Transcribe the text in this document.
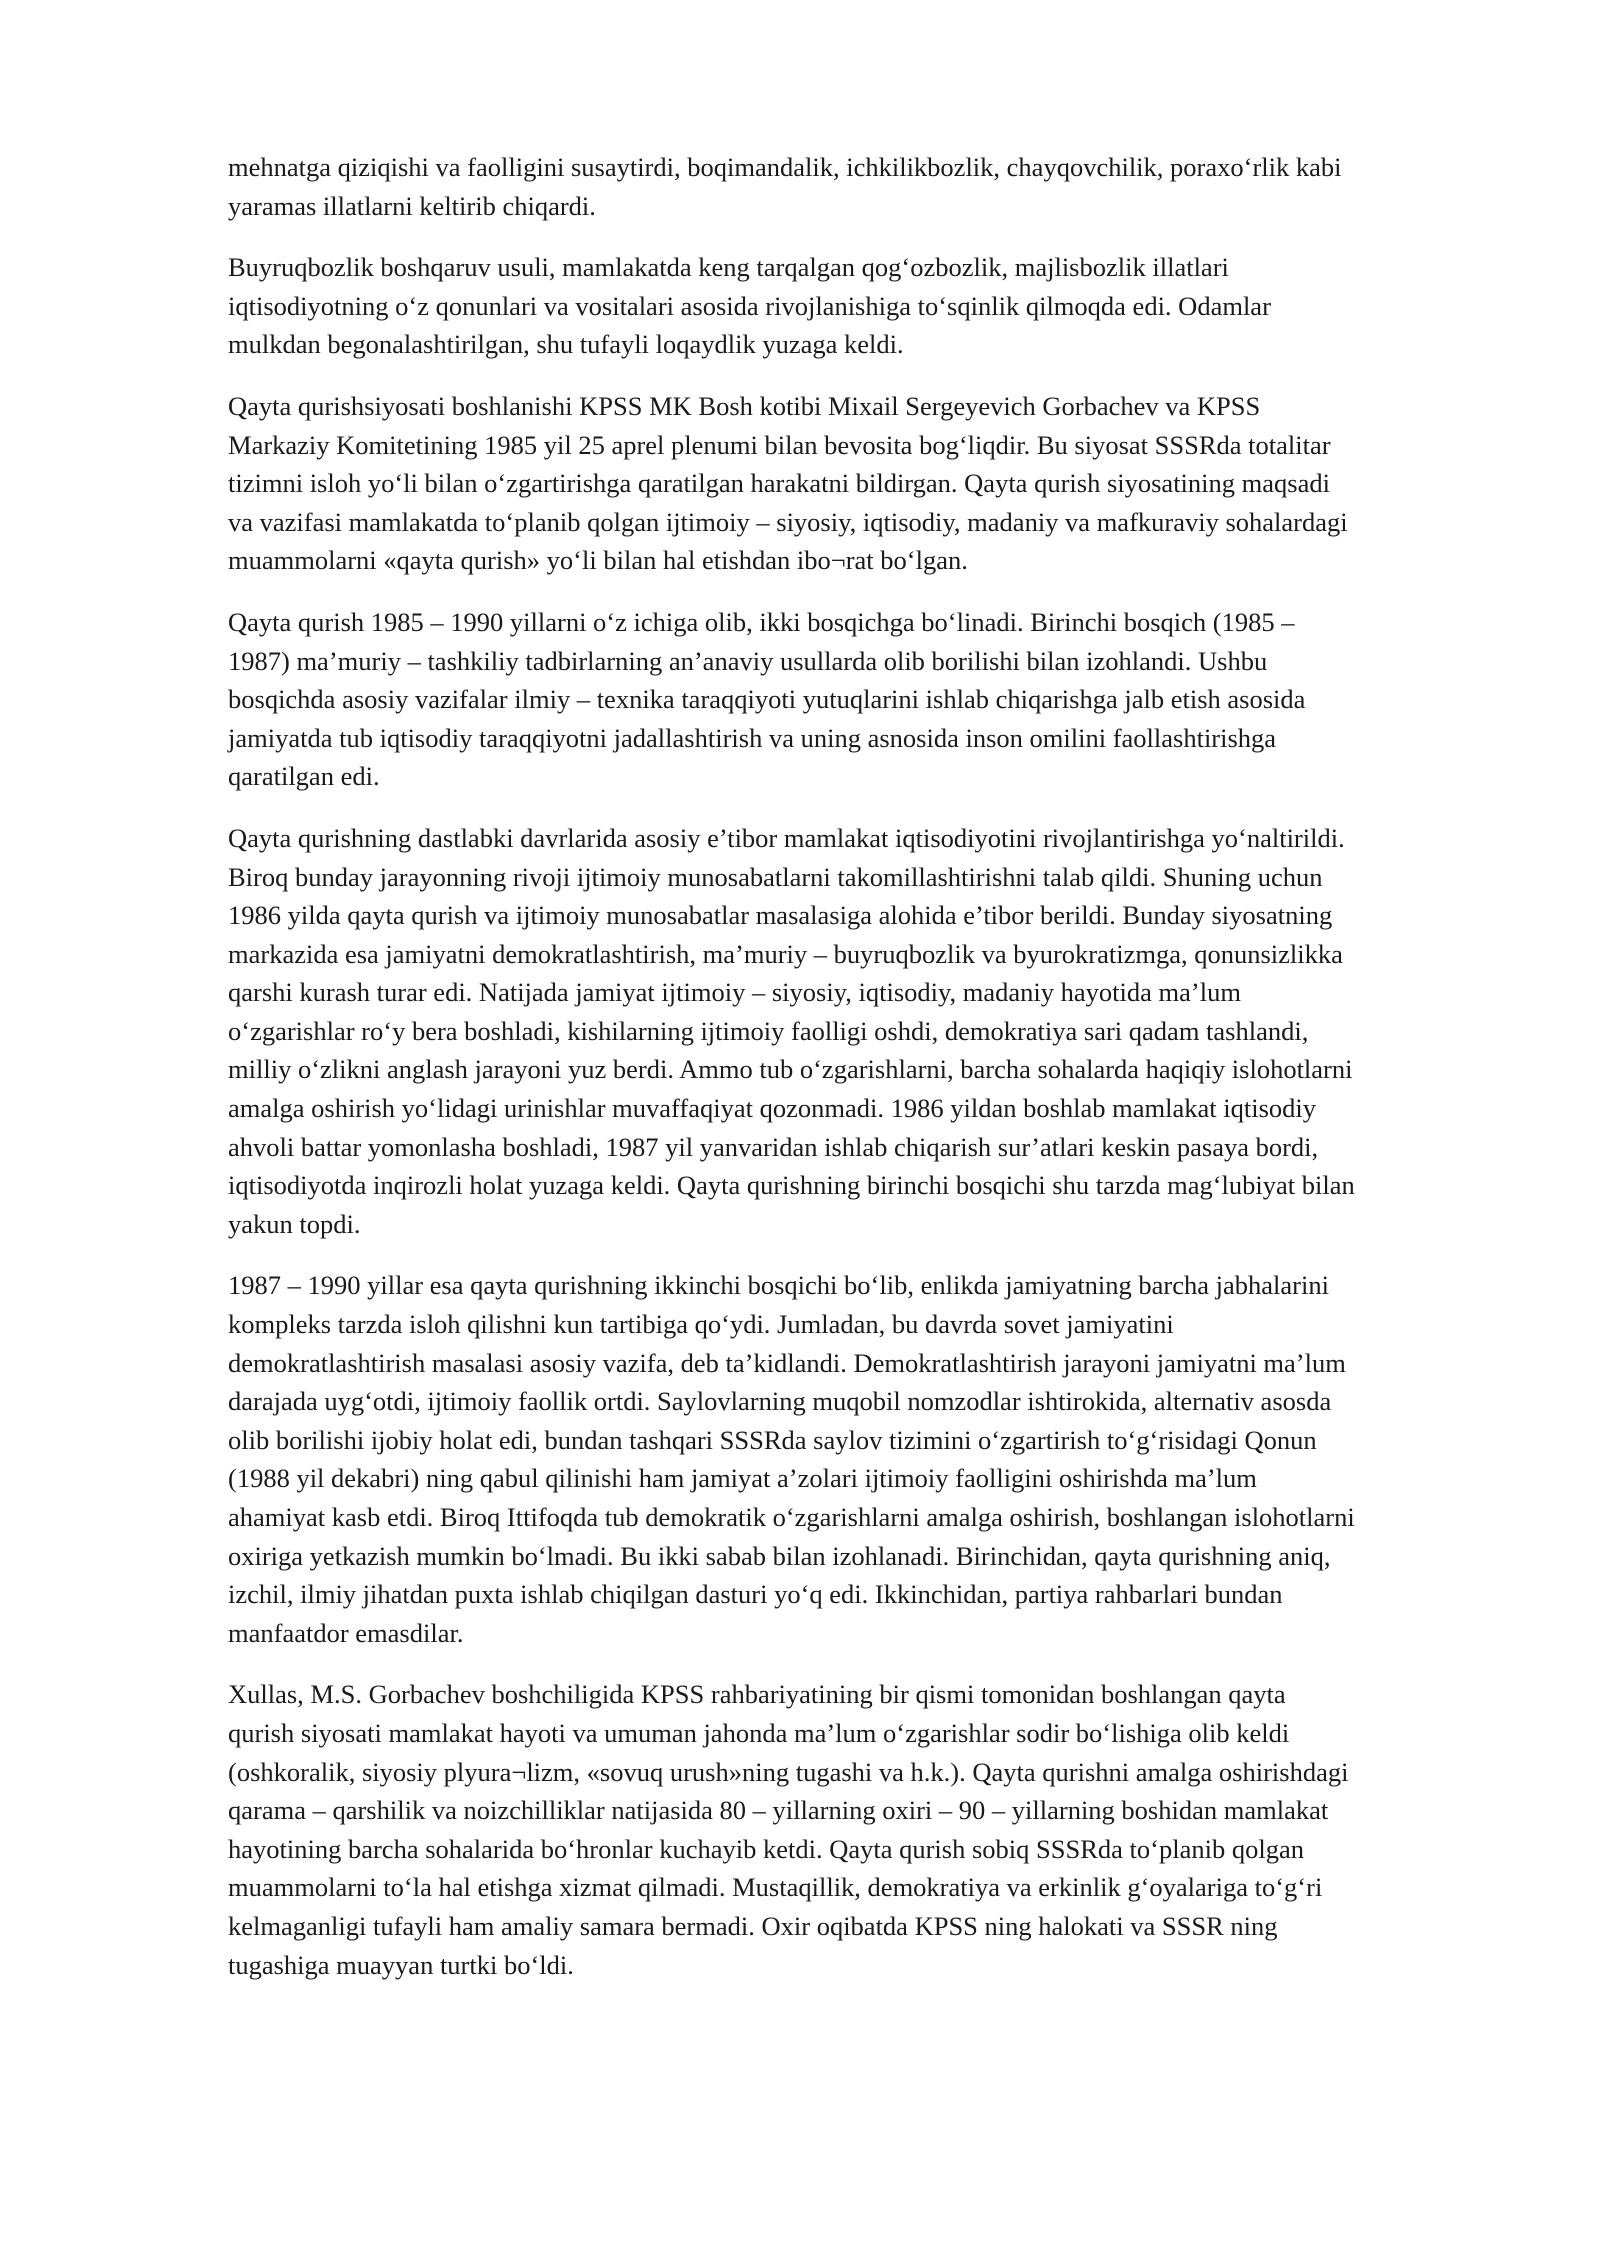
mehnatga qiziqishi va faolligini susaytirdi, boqimandalik, ichkilikbozlik, chayqovchilik, poraxo‘rlik kabi
yaramas illatlarni keltirib chiqardi.
Buyruqbozlik boshqaruv usuli, mamlakatda keng tarqalgan qog‘ozbozlik, majlisbozlik illatlari
iqtisodiyotning o‘z qonunlari va vositalari asosida rivojlanishiga to‘sqinlik qilmoqda edi. Odamlar
mulkdan begonalashtirilgan, shu tufayli loqaydlik yuzaga keldi.
Qayta qurishsiyosati boshlanishi KPSS MK Bosh kotibi Mixail Sergeyevich Gorbachev va KPSS
Markaziy Komitetining 1985 yil 25 aprel plenumi bilan bevosita bog‘liqdir. Bu siyosat SSSRda totalitar
tizimni isloh yo‘li bilan o‘zgartirishga qaratilgan harakatni bildirgan. Qayta qurish siyosatining maqsadi
va vazifasi mamlakatda to‘planib qolgan ijtimoiy – siyosiy, iqtisodiy, madaniy va mafkuraviy sohalardagi
muammolarni «qayta qurish» yo‘li bilan hal etishdan ibo¬rat bo‘lgan.
Qayta qurish 1985 – 1990 yillarni o‘z ichiga olib, ikki bosqichga bo‘linadi. Birinchi bosqich (1985 –
1987) ma’muriy – tashkiliy tadbirlarning an’anaviy usullarda olib borilishi bilan izohlandi. Ushbu
bosqichda asosiy vazifalar ilmiy – texnika taraqqiyoti yutuqlarini ishlab chiqarishga jalb etish asosida
jamiyatda tub iqtisodiy taraqqiyotni jadallashtirish va uning asnosida inson omilini faollashtirishga
qaratilgan edi.
Qayta qurishning dastlabki davrlarida asosiy e’tibor mamlakat iqtisodiyotini rivojlantirishga yo‘naltirildi.
Biroq bunday jarayonning rivoji ijtimoiy munosabatlarni takomillashtirishni talab qildi. Shuning uchun
1986 yilda qayta qurish va ijtimoiy munosabatlar masalasiga alohida e’tibor berildi. Bunday siyosatning
markazida esa jamiyatni demokratlashtirish, ma’muriy – buyruqbozlik va byurokratizmga, qonunsizlikka
qarshi kurash turar edi. Natijada jamiyat ijtimoiy – siyosiy, iqtisodiy, madaniy hayotida ma’lum
o‘zgarishlar ro‘y bera boshladi, kishilarning ijtimoiy faolligi oshdi, demokratiya sari qadam tashlandi,
milliy o‘zlikni anglash jarayoni yuz berdi. Ammo tub o‘zgarishlarni, barcha sohalarda haqiqiy islohotlarni
amalga oshirish yo‘lidagi urinishlar muvaffaqiyat qozonmadi. 1986 yildan boshlab mamlakat iqtisodiy
ahvoli battar yomonlasha boshladi, 1987 yil yanvaridan ishlab chiqarish sur’atlari keskin pasaya bordi,
iqtisodiyotda inqirozli holat yuzaga keldi. Qayta qurishning birinchi bosqichi shu tarzda mag‘lubiyat bilan
yakun topdi.
1987 – 1990 yillar esa qayta qurishning ikkinchi bosqichi bo‘lib, enlikda jamiyatning barcha jabhalarini
kompleks tarzda isloh qilishni kun tartibiga qo‘ydi. Jumladan, bu davrda sovet jamiyatini
demokratlashtirish masalasi asosiy vazifa, deb ta’kidlandi. Demokratlashtirish jarayoni jamiyatni ma’lum
darajada uyg‘otdi, ijtimoiy faollik ortdi. Saylovlarning muqobil nomzodlar ishtirokida, alternativ asosda
olib borilishi ijobiy holat edi, bundan tashqari SSSRda saylov tizimini o‘zgartirish to‘g‘risidagi Qonun
(1988 yil dekabri) ning qabul qilinishi ham jamiyat a’zolari ijtimoiy faolligini oshirishda ma’lum
ahamiyat kasb etdi. Biroq Ittifoqda tub demokratik o‘zgarishlarni amalga oshirish, boshlangan islohotlarni
oxiriga yetkazish mumkin bo‘lmadi. Bu ikki sabab bilan izohlanadi. Birinchidan, qayta qurishning aniq,
izchil, ilmiy jihatdan puxta ishlab chiqilgan dasturi yo‘q edi. Ikkinchidan, partiya rahbarlari bundan
manfaatdor emasdilar.
Xullas, M.S. Gorbachev boshchiligida KPSS rahbariyatining bir qismi tomonidan boshlangan qayta
qurish siyosati mamlakat hayoti va umuman jahonda ma’lum o‘zgarishlar sodir bo‘lishiga olib keldi
(oshkoralik, siyosiy plyura¬lizm, «sovuq urush»ning tugashi va h.k.). Qayta qurishni amalga oshirishdagi
qarama – qarshilik va noizchilliklar natijasida 80 – yillarning oxiri – 90 – yillarning boshidan mamlakat
hayotining barcha sohalarida bo‘hronlar kuchayib ketdi. Qayta qurish sobiq SSSRda to‘planib qolgan
muammolarni to‘la hal etishga xizmat qilmadi. Mustaqillik, demokratiya va erkinlik g‘oyalariga to‘g‘ri
kelmaganligi tufayli ham amaliy samara bermadi. Oxir oqibatda KPSS ning halokati va SSSR ning
tugashiga muayyan turtki bo‘ldi.
